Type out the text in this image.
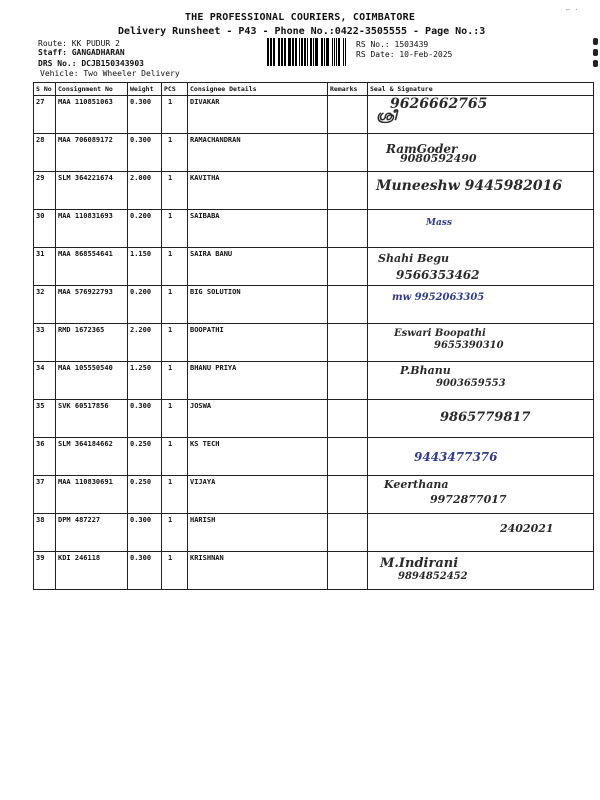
⌐ ·
THE PROFESSIONAL COURIERS, COIMBATORE
Delivery Runsheet - P43 - Phone No.:0422-3505555 - Page No.:3
Route: KK PUDUR 2
Staff: GANGADHARAN
DRS No.: DCJB150343903
Vehicle: Two Wheeler Delivery
RS No.: 1503439
RS Date: 10-Feb-2025
S No	Consignment No	Weight	PCS	Consignee Details	Remarks	Seal & Signature
27	MAA 110851063	0.300	1	DIVAKAR		9626662765
ശ്രീ

28	MAA 706089172	0.300	1	RAMACHANDRAN		RamGoder
9080592490

29	SLM 364221674	2.000	1	KAVITHA		Muneeshw 9445982016

30	MAA 110831693	0.200	1	SAIBABA		Mass

31	MAA 868554641	1.150	1	SAIRA BANU		Shahi Begu
9566353462

32	MAA 576922793	0.200	1	BIG SOLUTION		mw 9952063305

33	RMD 1672365	2.200	1	BOOPATHI		Eswari Boopathi
9655390310

34	MAA 105550540	1.250	1	BHANU PRIYA		P.Bhanu
9003659553

35	SVK 60517856	0.300	1	JOSWA		9865779817

36	SLM 364184662	0.250	1	KS TECH		9443477376

37	MAA 110830691	0.250	1	VIJAYA		Keerthana
9972877017

38	DPM 487227	0.300	1	HARISH		2402021

39	KDI 246118	0.300	1	KRISHNAN		M.Indirani
9894852452
